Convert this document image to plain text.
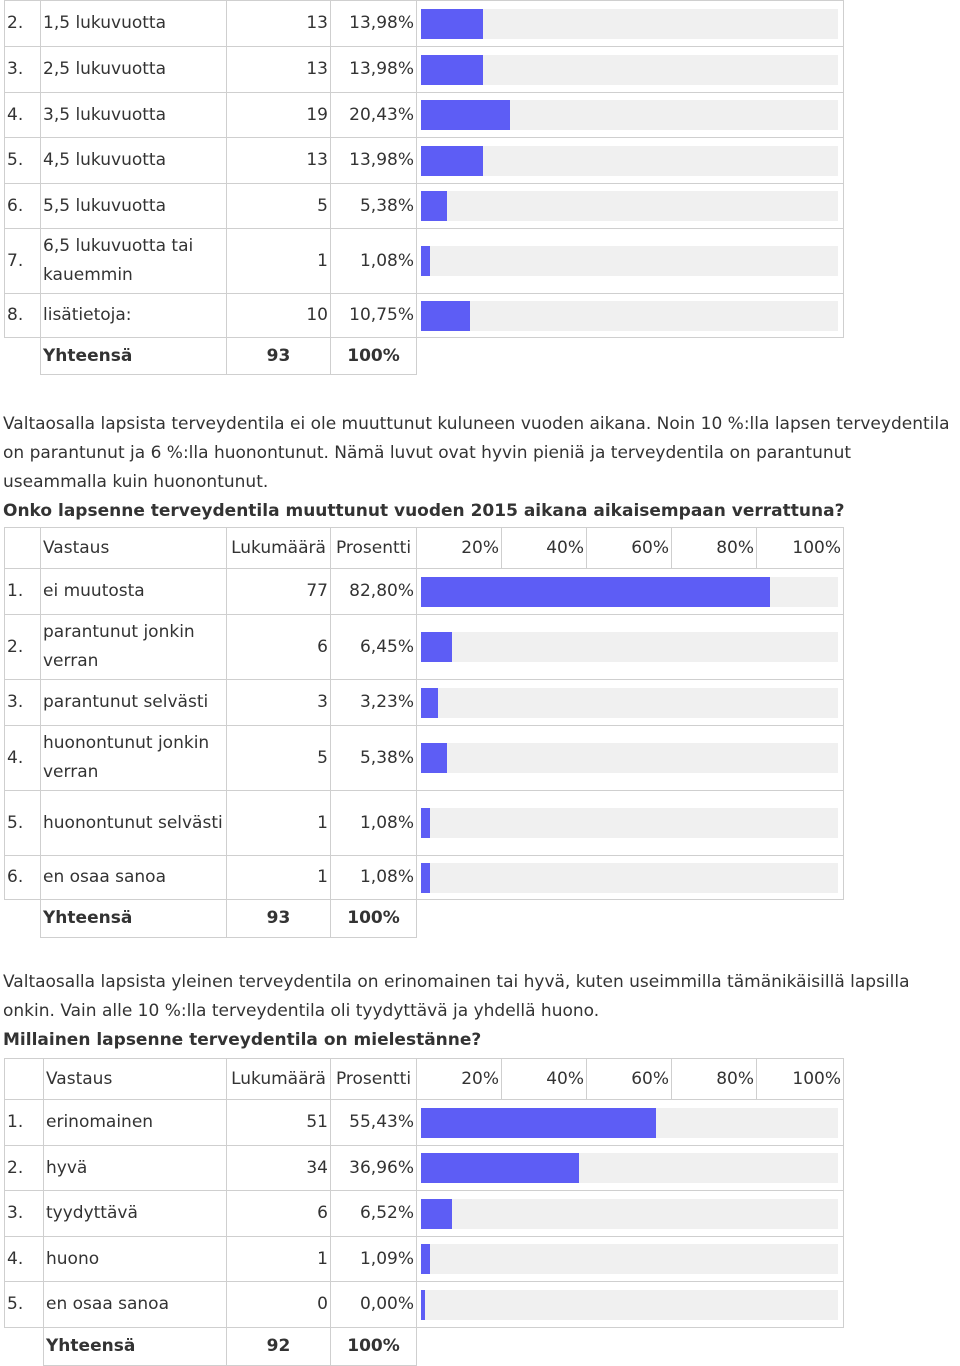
2.	1,5 lukuvuotta	13	13,98%	

3.	2,5 lukuvuotta	13	13,98%	

4.	3,5 lukuvuotta	19	20,43%	

5.	4,5 lukuvuotta	13	13,98%	

6.	5,5 lukuvuotta	5	5,38%	

7.	6,5 lukuvuotta tai kauemmin	1	1,08%	

8.	lisätietoja:	10	10,75%	

	Yhteensä	93	100%	

Valtaosalla lapsista terveydentila ei ole muuttunut kuluneen vuoden aikana. Noin 10 %:lla lapsen terveydentila on parantunut ja 6 %:lla huonontunut. Nämä luvut ovat hyvin pieniä ja terveydentila on parantunut useammalla kuin huonontunut.

Onko lapsenne terveydentila muuttunut vuoden 2015 aikana aikaisempaan verrattuna?

	Vastaus	Lukumäärä	Prosentti	20%	40%	60%	80%	100%
1.	ei muutosta	77	82,80%					

2.	parantunut jonkin verran	6	6,45%					

3.	parantunut selvästi	3	3,23%					

4.	huonontunut jonkin verran	5	5,38%					

5.	huonontunut selvästi	1	1,08%					

6.	en osaa sanoa	1	1,08%					

	Yhteensä	93	100%					

Valtaosalla lapsista yleinen terveydentila on erinomainen tai hyvä, kuten useimmilla tämänikäisillä lapsilla onkin. Vain alle 10 %:lla terveydentila oli tyydyttävä ja yhdellä huono.

Millainen lapsenne terveydentila on mielestänne?

	Vastaus	Lukumäärä	Prosentti	20%	40%	60%	80%	100%
1.	erinomainen	51	55,43%					

2.	hyvä	34	36,96%					

3.	tyydyttävä	6	6,52%					

4.	huono	1	1,09%					

5.	en osaa sanoa	0	0,00%					

	Yhteensä	92	100%					
